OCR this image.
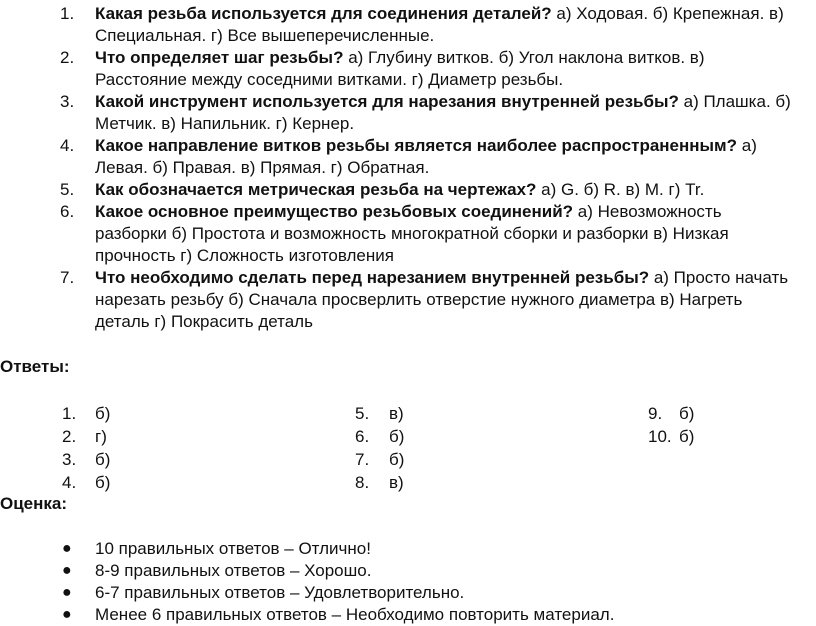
1.	Какая резьба используется для соединения деталей? а) Ходовая. б) Крепежная. в) Специальная. г) Все вышеперечисленные.

2.	Что определяет шаг резьбы? а) Глубину витков. б) Угол наклона витков. в) Расстояние между соседними витками. г) Диаметр резьбы.

3.	Какой инструмент используется для нарезания внутренней резьбы? а) Плашка. б) Метчик. в) Напильник. г) Кернер.

4.	Какое направление витков резьбы является наиболее распространенным? а) Левая. б) Правая. в) Прямая. г) Обратная.

5.	Как обозначается метрическая резьба на чертежах? а) G. б) R. в) M. г) Tr.

6.	Какое основное преимущество резьбовых соединений? а) Невозможность разборки б) Простота и возможность многократной сборки и разборки в) Низкая прочность г) Сложность изготовления

7.	Что необходимо сделать перед нарезанием внутренней резьбы? а) Просто начать нарезать резьбу б) Сначала просверлить отверстие нужного диаметра в) Нагреть деталь г) Покрасить деталь

Ответы:

1. б)
2. г)
3. б)
4. б)
5. в)
6. б)
7. б)
8. в)
9. б)
10. б)

Оценка:

● 10 правильных ответов – Отлично!
● 8-9 правильных ответов – Хорошо.
● 6-7 правильных ответов – Удовлетворительно.
● Менее 6 правильных ответов – Необходимо повторить материал.
